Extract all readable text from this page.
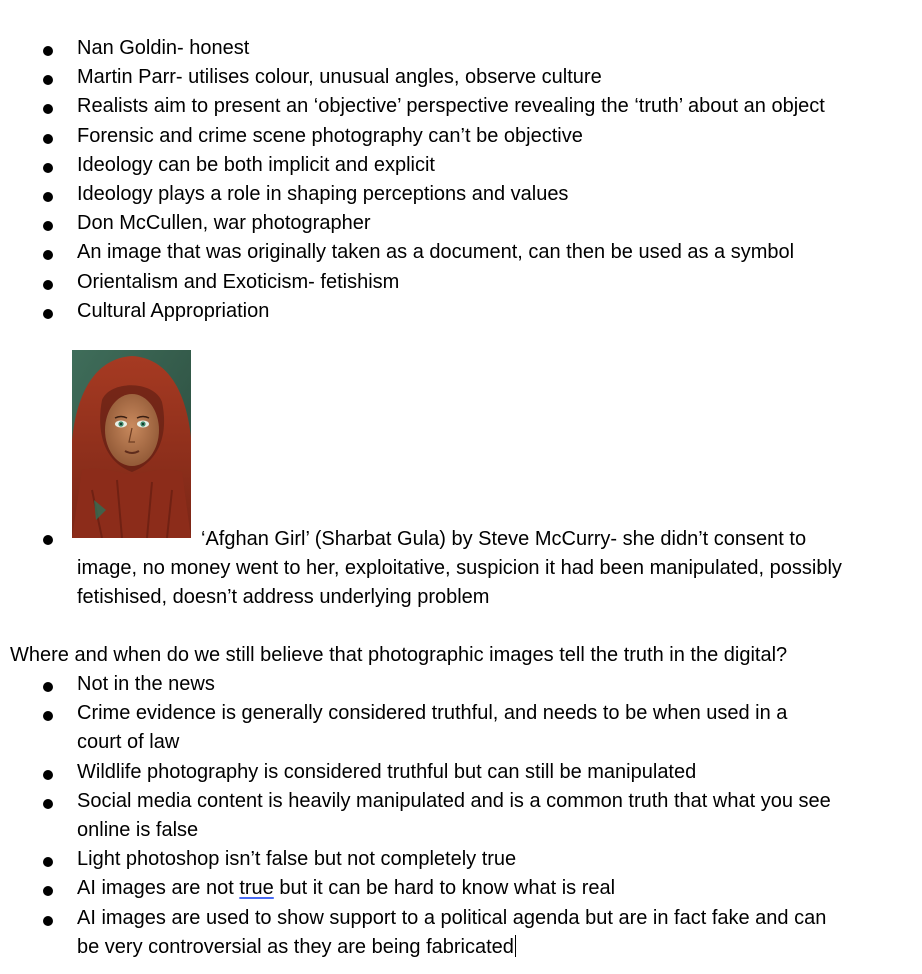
Nan Goldin- honest
Martin Parr- utilises colour, unusual angles, observe culture
Realists aim to present an ‘objective’ perspective revealing the ‘truth’ about an object
Forensic and crime scene photography can’t be objective
Ideology can be both implicit and explicit
Ideology plays a role in shaping perceptions and values
Don McCullen, war photographer
An image that was originally taken as a document, can then be used as a symbol
Orientalism and Exoticism- fetishism
Cultural Appropriation
‘Afghan Girl’ (Sharbat Gula) by Steve McCurry- she didn’t consent to image, no money went to her, exploitative, suspicion it had been manipulated, possibly fetishised, doesn’t address underlying problem
Where and when do we still believe that photographic images tell the truth in the digital?
Not in the news
Crime evidence is generally considered truthful, and needs to be when used in a court of law
Wildlife photography is considered truthful but can still be manipulated
Social media content is heavily manipulated and is a common truth that what you see online is false
Light photoshop isn’t false but not completely true
AI images are not true but it can be hard to know what is real
AI images are used to show support to a political agenda but are in fact fake and can be very controversial as they are being fabricated
